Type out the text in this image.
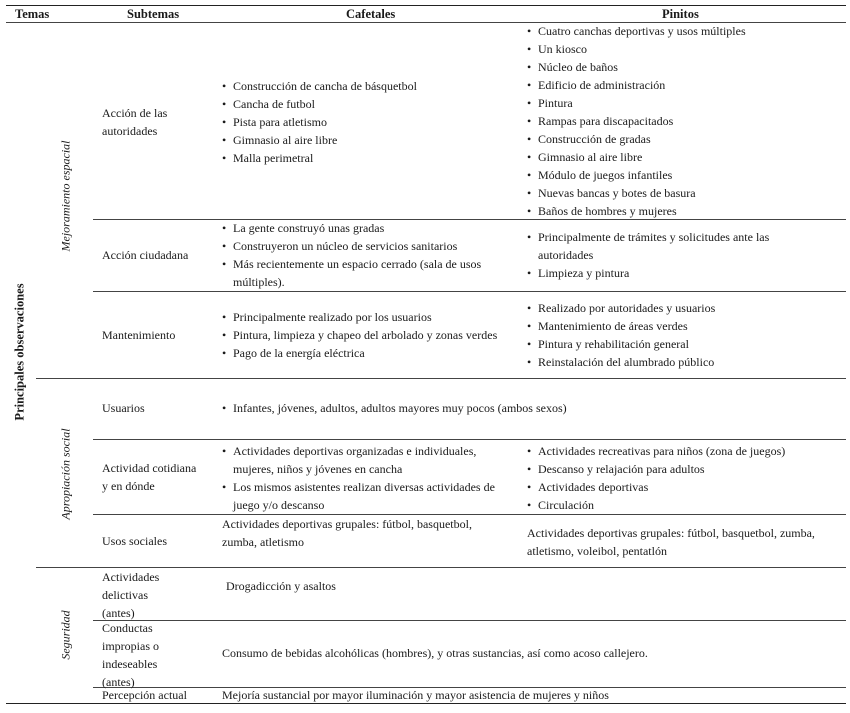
Temas	Subtemas	Cafetales	Pinitos
Principales observaciones
Mejoramiento espacial
Apropiación social
Seguridad
Acción de las autoridades
• Construcción de cancha de básquetbol
• Cancha de futbol
• Pista para atletismo
• Gimnasio al aire libre
• Malla perimetral
• Cuatro canchas deportivas y usos múltiples
• Un kiosco
• Núcleo de baños
• Edificio de administración
• Pintura
• Rampas para discapacitados
• Construcción de gradas
• Gimnasio al aire libre
• Módulo de juegos infantiles
• Nuevas bancas y botes de basura
• Baños de hombres y mujeres
Acción ciudadana
• La gente construyó unas gradas
• Construyeron un núcleo de servicios sanitarios
• Más recientemente un espacio cerrado (sala de usos múltiples).
• Principalmente de trámites y solicitudes ante las autoridades
• Limpieza y pintura
Mantenimiento
• Principalmente realizado por los usuarios
• Pintura, limpieza y chapeo del arbolado y zonas verdes
• Pago de la energía eléctrica
• Realizado por autoridades y usuarios
• Mantenimiento de áreas verdes
• Pintura y rehabilitación general
• Reinstalación del alumbrado público
Usuarios
•	Infantes, jóvenes, adultos, adultos mayores muy pocos (ambos sexos)
Actividad cotidiana y en dónde
• Actividades deportivas organizadas e individuales, mujeres, niños y jóvenes en cancha
• Los mismos asistentes realizan diversas actividades de juego y/o descanso
• Actividades recreativas para niños (zona de juegos)
• Descanso y relajación para adultos
• Actividades deportivas
• Circulación
Usos sociales
Actividades deportivas grupales: fútbol, basquetbol, zumba, atletismo
Actividades deportivas grupales: fútbol, basquetbol, zumba, atletismo, voleibol, pentatlón
Actividades delictivas (antes)
Drogadicción y asaltos
Conductas impropias o indeseables (antes)
Consumo de bebidas alcohólicas (hombres), y otras sustancias, así como acoso callejero.
Percepción actual	Mejoría sustancial por mayor iluminación y mayor asistencia de mujeres y niños
